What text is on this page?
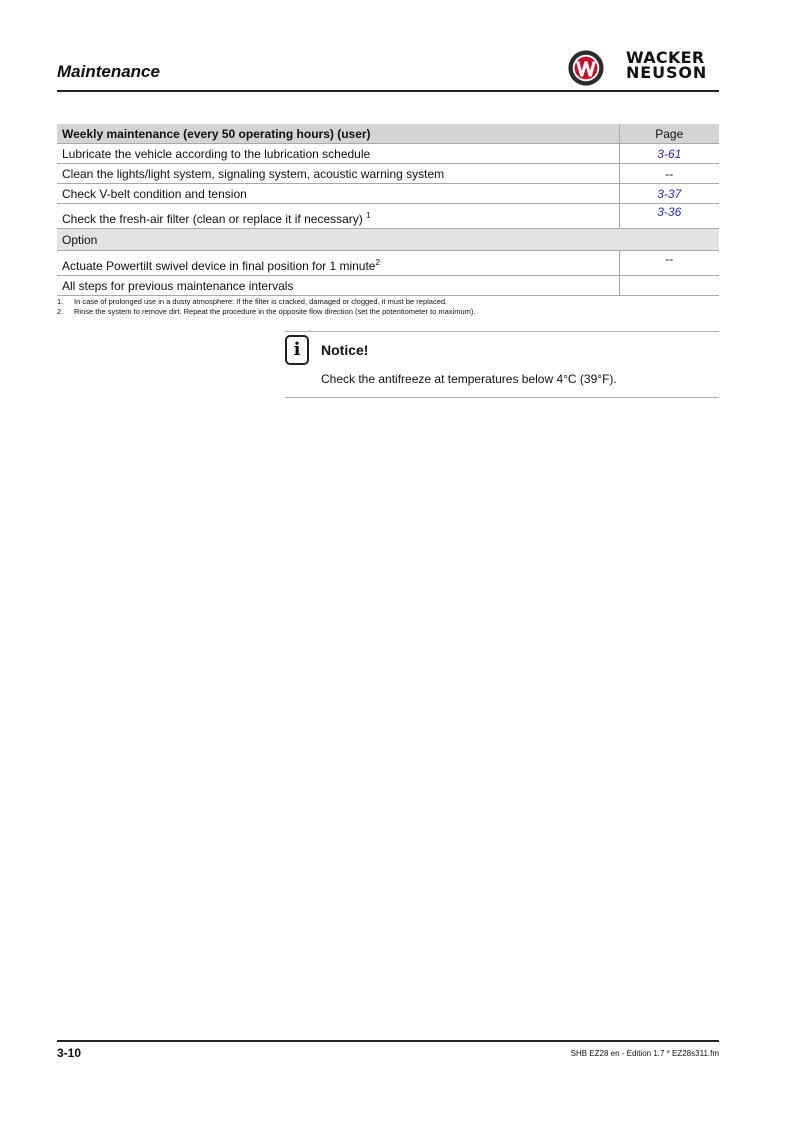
Maintenance
WACKER
NEUSON
Weekly maintenance (every 50 operating hours) (user)	Page
Lubricate the vehicle according to the lubrication schedule	3-61
Clean the lights/light system, signaling system, acoustic warning system	--
Check V-belt condition and tension	3-37
Check the fresh-air filter (clean or replace it if necessary) $^1$	3-36
Option	
Actuate Powertilt swivel device in final position for 1 minute$^2$	--
All steps for previous maintenance intervals	
1.	In case of prolonged use in a dusty atmosphere: If the filter is cracked, damaged or clogged, it must be replaced.
2.	Rinse the system to remove dirt. Repeat the procedure in the opposite flow direction (set the potentiometer to maximum).
i	Notice!
Check the antifreeze at temperatures below 4°C (39°F).
3-10	SHB EZ28 en - Edition 1.7 * EZ28s311.fm
